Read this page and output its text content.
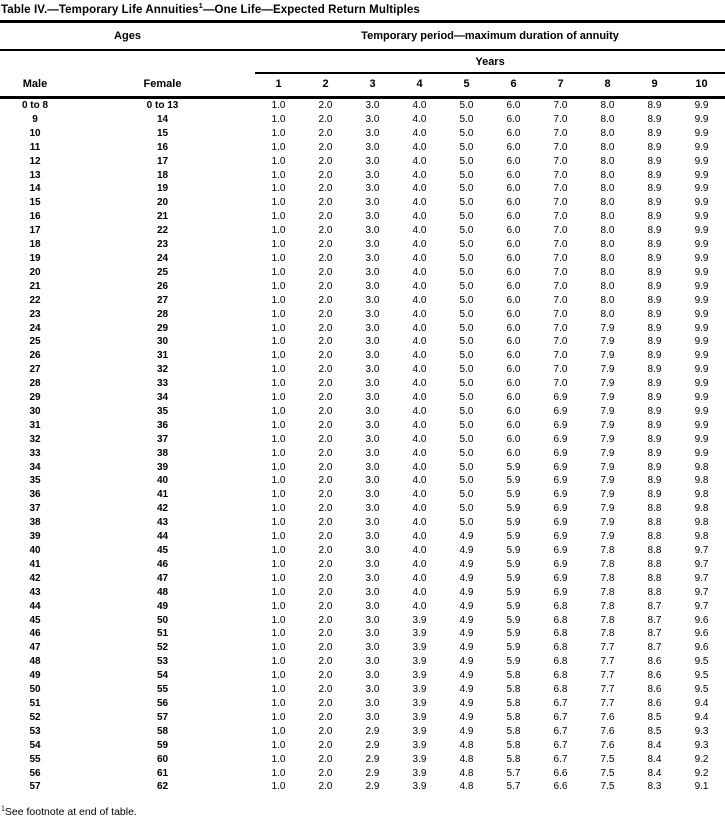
Table IV.—Temporary Life Annuities$^1$—One Life—Expected Return Multiples
Ages		Temporary period—maximum duration of annuity									
		Years									
Male	Female	1	2	3	4	5	6	7	8	9	10
0 to 8	0 to 13	1.0	2.0	3.0	4.0	5.0	6.0	7.0	8.0	8.9	9.9
9	14	1.0	2.0	3.0	4.0	5.0	6.0	7.0	8.0	8.9	9.9
10	15	1.0	2.0	3.0	4.0	5.0	6.0	7.0	8.0	8.9	9.9
11	16	1.0	2.0	3.0	4.0	5.0	6.0	7.0	8.0	8.9	9.9
12	17	1.0	2.0	3.0	4.0	5.0	6.0	7.0	8.0	8.9	9.9
13	18	1.0	2.0	3.0	4.0	5.0	6.0	7.0	8.0	8.9	9.9
14	19	1.0	2.0	3.0	4.0	5.0	6.0	7.0	8.0	8.9	9.9
15	20	1.0	2.0	3.0	4.0	5.0	6.0	7.0	8.0	8.9	9.9
16	21	1.0	2.0	3.0	4.0	5.0	6.0	7.0	8.0	8.9	9.9
17	22	1.0	2.0	3.0	4.0	5.0	6.0	7.0	8.0	8.9	9.9
18	23	1.0	2.0	3.0	4.0	5.0	6.0	7.0	8.0	8.9	9.9
19	24	1.0	2.0	3.0	4.0	5.0	6.0	7.0	8.0	8.9	9.9
20	25	1.0	2.0	3.0	4.0	5.0	6.0	7.0	8.0	8.9	9.9
21	26	1.0	2.0	3.0	4.0	5.0	6.0	7.0	8.0	8.9	9.9
22	27	1.0	2.0	3.0	4.0	5.0	6.0	7.0	8.0	8.9	9.9
23	28	1.0	2.0	3.0	4.0	5.0	6.0	7.0	8.0	8.9	9.9
24	29	1.0	2.0	3.0	4.0	5.0	6.0	7.0	7.9	8.9	9.9
25	30	1.0	2.0	3.0	4.0	5.0	6.0	7.0	7.9	8.9	9.9
26	31	1.0	2.0	3.0	4.0	5.0	6.0	7.0	7.9	8.9	9.9
27	32	1.0	2.0	3.0	4.0	5.0	6.0	7.0	7.9	8.9	9.9
28	33	1.0	2.0	3.0	4.0	5.0	6.0	7.0	7.9	8.9	9.9
29	34	1.0	2.0	3.0	4.0	5.0	6.0	6.9	7.9	8.9	9.9
30	35	1.0	2.0	3.0	4.0	5.0	6.0	6.9	7.9	8.9	9.9
31	36	1.0	2.0	3.0	4.0	5.0	6.0	6.9	7.9	8.9	9.9
32	37	1.0	2.0	3.0	4.0	5.0	6.0	6.9	7.9	8.9	9.9
33	38	1.0	2.0	3.0	4.0	5.0	6.0	6.9	7.9	8.9	9.9
34	39	1.0	2.0	3.0	4.0	5.0	5.9	6.9	7.9	8.9	9.8
35	40	1.0	2.0	3.0	4.0	5.0	5.9	6.9	7.9	8.9	9.8
36	41	1.0	2.0	3.0	4.0	5.0	5.9	6.9	7.9	8.9	9.8
37	42	1.0	2.0	3.0	4.0	5.0	5.9	6.9	7.9	8.8	9.8
38	43	1.0	2.0	3.0	4.0	5.0	5.9	6.9	7.9	8.8	9.8
39	44	1.0	2.0	3.0	4.0	4.9	5.9	6.9	7.9	8.8	9.8
40	45	1.0	2.0	3.0	4.0	4.9	5.9	6.9	7.8	8.8	9.7
41	46	1.0	2.0	3.0	4.0	4.9	5.9	6.9	7.8	8.8	9.7
42	47	1.0	2.0	3.0	4.0	4.9	5.9	6.9	7.8	8.8	9.7
43	48	1.0	2.0	3.0	4.0	4.9	5.9	6.9	7.8	8.8	9.7
44	49	1.0	2.0	3.0	4.0	4.9	5.9	6.8	7.8	8.7	9.7
45	50	1.0	2.0	3.0	3.9	4.9	5.9	6.8	7.8	8.7	9.6
46	51	1.0	2.0	3.0	3.9	4.9	5.9	6.8	7.8	8.7	9.6
47	52	1.0	2.0	3.0	3.9	4.9	5.9	6.8	7.7	8.7	9.6
48	53	1.0	2.0	3.0	3.9	4.9	5.9	6.8	7.7	8.6	9.5
49	54	1.0	2.0	3.0	3.9	4.9	5.8	6.8	7.7	8.6	9.5
50	55	1.0	2.0	3.0	3.9	4.9	5.8	6.8	7.7	8.6	9.5
51	56	1.0	2.0	3.0	3.9	4.9	5.8	6.7	7.7	8.6	9.4
52	57	1.0	2.0	3.0	3.9	4.9	5.8	6.7	7.6	8.5	9.4
53	58	1.0	2.0	2.9	3.9	4.9	5.8	6.7	7.6	8.5	9.3
54	59	1.0	2.0	2.9	3.9	4.8	5.8	6.7	7.6	8.4	9.3
55	60	1.0	2.0	2.9	3.9	4.8	5.8	6.7	7.5	8.4	9.2
56	61	1.0	2.0	2.9	3.9	4.8	5.7	6.6	7.5	8.4	9.2
57	62	1.0	2.0	2.9	3.9	4.8	5.7	6.6	7.5	8.3	9.1
$^1$See footnote at end of table.
